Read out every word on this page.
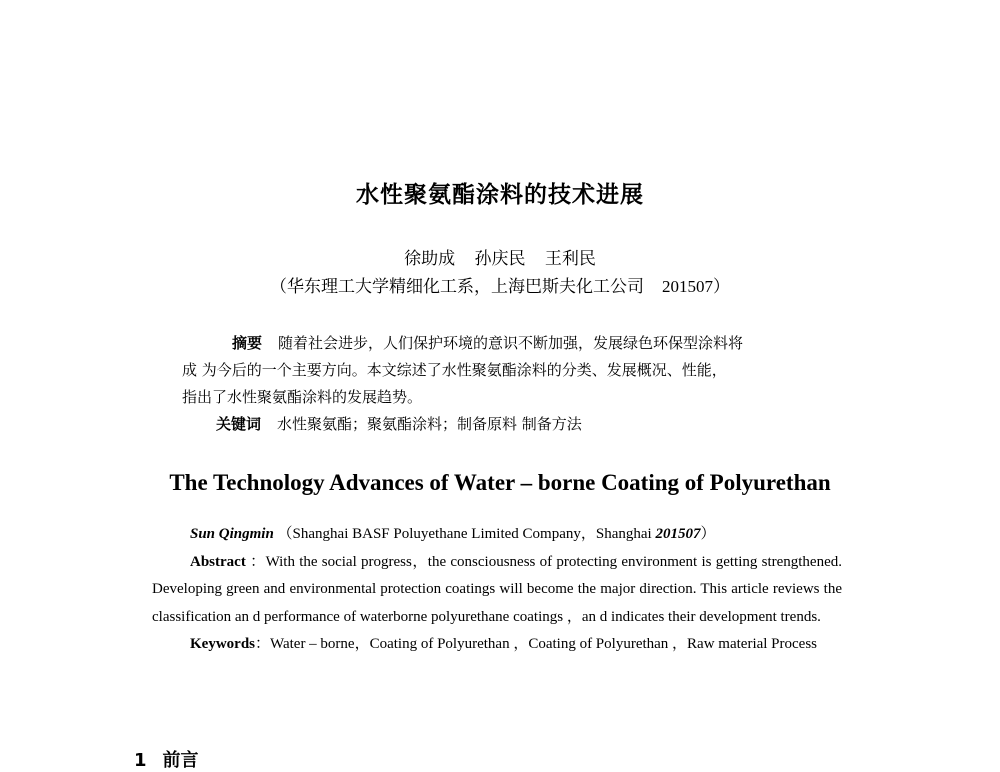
水性聚氨酯涂料的技术进展
徐助成 孙庆民 王利民
（华东理工大学精细化工系，上海巴斯夫化工公司 201507）

摘要 随着社会进步，人们保护环境的意识不断加强，发展绿色环保型涂料将

成 为今后的一个主要方向。本文综述了水性聚氨酯涂料的分类、发展概况、性能，

指出了水性聚氨酯涂料的发展趋势。

关键词 水性聚氨酯；聚氨酯涂料；制备原料 制备方法

The Technology Advances of Water – borne Coating of Polyurethan

Sun Qingmin （Shanghai BASF Poluyethane Limited Company，Shanghai 201507）

Abstract ：With the social progress，the consciousness of protecting environment is getting strengthened. Developing green and environmental protection coatings will become the major direction. This article reviews the classification an d performance of waterborne polyurethane coatings ，an d indicates their development trends.

Keywords：Water – borne，Coating of Polyurethan ，Coating of Polyurethan ，Raw material Process

1 前言
